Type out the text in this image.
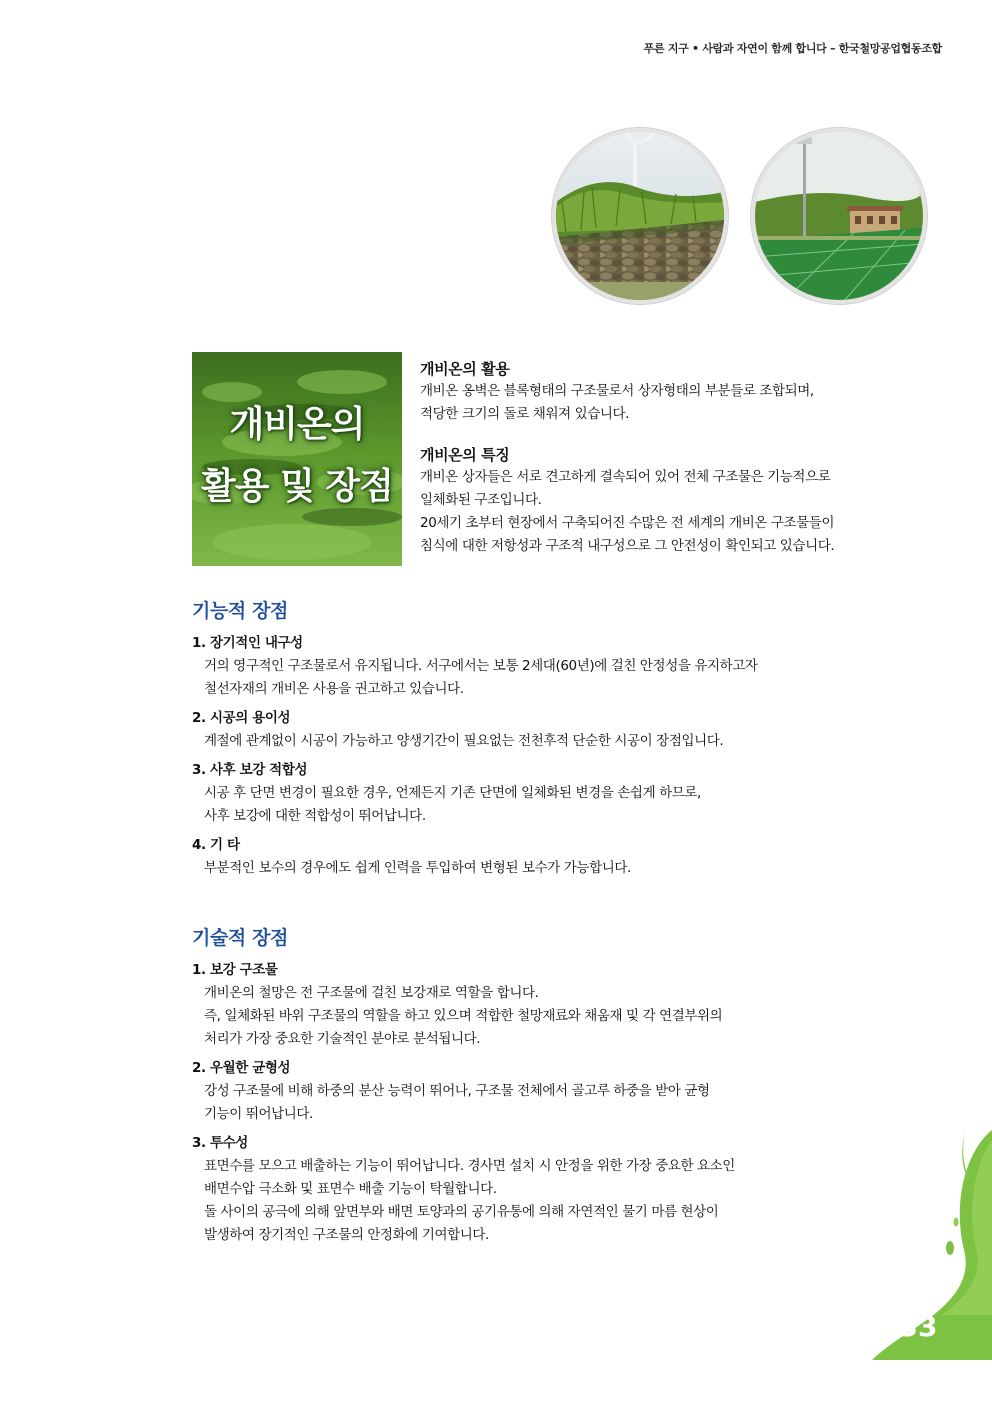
푸른 지구 • 사람과 자연이 함께 합니다 – 한국철망공업협동조합
개비온의
활용 및 장점
개비온의 활용

개비온 옹벽은 블록형태의 구조물로서 상자형태의 부분들로 조합되며,

적당한 크기의 돌로 채워져 있습니다.

개비온의 특징

개비온 상자들은 서로 견고하게 결속되어 있어 전체 구조물은 기능적으로

일체화된 구조입니다.

20세기 초부터 현장에서 구축되어진 수많은 전 세계의 개비온 구조물들이

침식에 대한 저항성과 구조적 내구성으로 그 안전성이 확인되고 있습니다.

기능적 장점
1. 장기적인 내구성

거의 영구적인 구조물로서 유지됩니다. 서구에서는 보통 2세대(60년)에 걸친 안정성을 유지하고자

철선자재의 개비온 사용을 권고하고 있습니다.

2. 시공의 용이성

계절에 관계없이 시공이 가능하고 양생기간이 필요없는 전천후적 단순한 시공이 장점입니다.

3. 사후 보강 적합성

시공 후 단면 변경이 필요한 경우, 언제든지 기존 단면에 일체화된 변경을 손쉽게 하므로,

사후 보강에 대한 적합성이 뛰어납니다.

4. 기 타

부분적인 보수의 경우에도 쉽게 인력을 투입하여 변형된 보수가 가능합니다.

기술적 장점
1. 보강 구조물

개비온의 철망은 전 구조물에 걸친 보강재로 역할을 합니다.

즉, 일체화된 바위 구조물의 역할을 하고 있으며 적합한 철망재료와 채움재 및 각 연결부위의

처리가 가장 중요한 기술적인 분야로 분석됩니다.

2. 우월한 균형성

강성 구조물에 비해 하중의 분산 능력이 뛰어나, 구조물 전체에서 골고루 하중을 받아 균형

기능이 뛰어납니다.

3. 투수성

표면수를 모으고 배출하는 기능이 뛰어납니다. 경사면 설치 시 안정을 위한 가장 중요한 요소인

배면수압 극소화 및 표면수 배출 기능이 탁월합니다.

돌 사이의 공극에 의해 앞면부와 배면 토양과의 공기유통에 의해 자연적인 물기 마름 현상이

발생하여 장기적인 구조물의 안정화에 기여합니다.

33
